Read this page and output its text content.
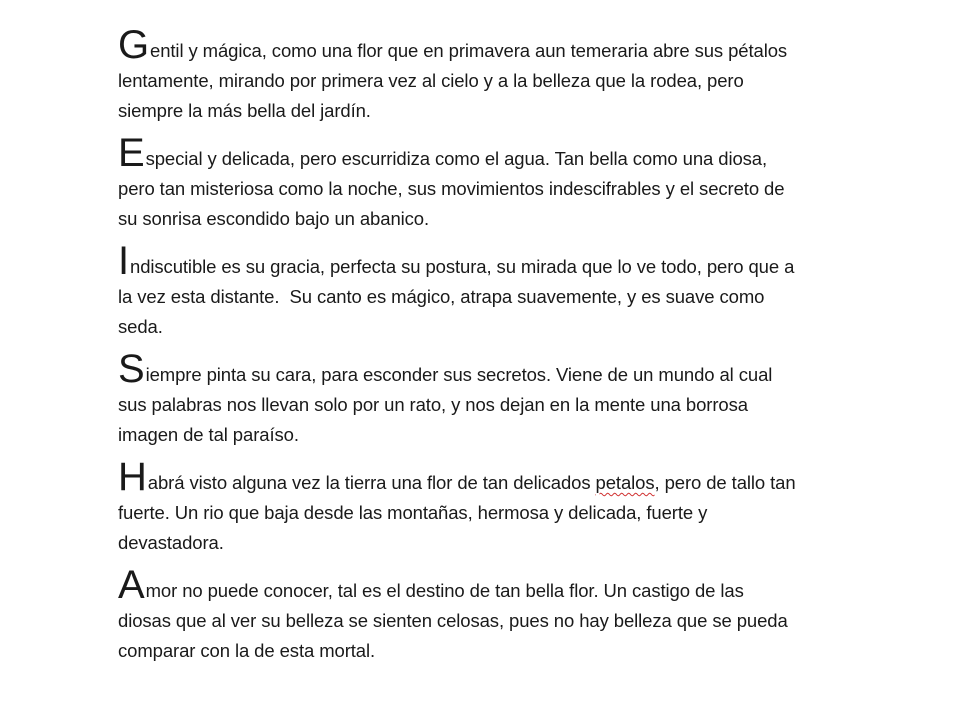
Gentil y mágica, como una flor que en primavera aun temeraria abre sus pétalos
lentamente, mirando por primera vez al cielo y a la belleza que la rodea, pero
siempre la más bella del jardín.

Especial y delicada, pero escurridiza como el agua. Tan bella como una diosa,
pero tan misteriosa como la noche, sus movimientos indescifrables y el secreto de
su sonrisa escondido bajo un abanico.

Indiscutible es su gracia, perfecta su postura, su mirada que lo ve todo, pero que a
la vez esta distante.  Su canto es mágico, atrapa suavemente, y es suave como
seda.

Siempre pinta su cara, para esconder sus secretos. Viene de un mundo al cual
sus palabras nos llevan solo por un rato, y nos dejan en la mente una borrosa
imagen de tal paraíso.

Habrá visto alguna vez la tierra una flor de tan delicados petalos, pero de tallo tan
fuerte. Un rio que baja desde las montañas, hermosa y delicada, fuerte y
devastadora.

Amor no puede conocer, tal es el destino de tan bella flor. Un castigo de las
diosas que al ver su belleza se sienten celosas, pues no hay belleza que se pueda
comparar con la de esta mortal.
